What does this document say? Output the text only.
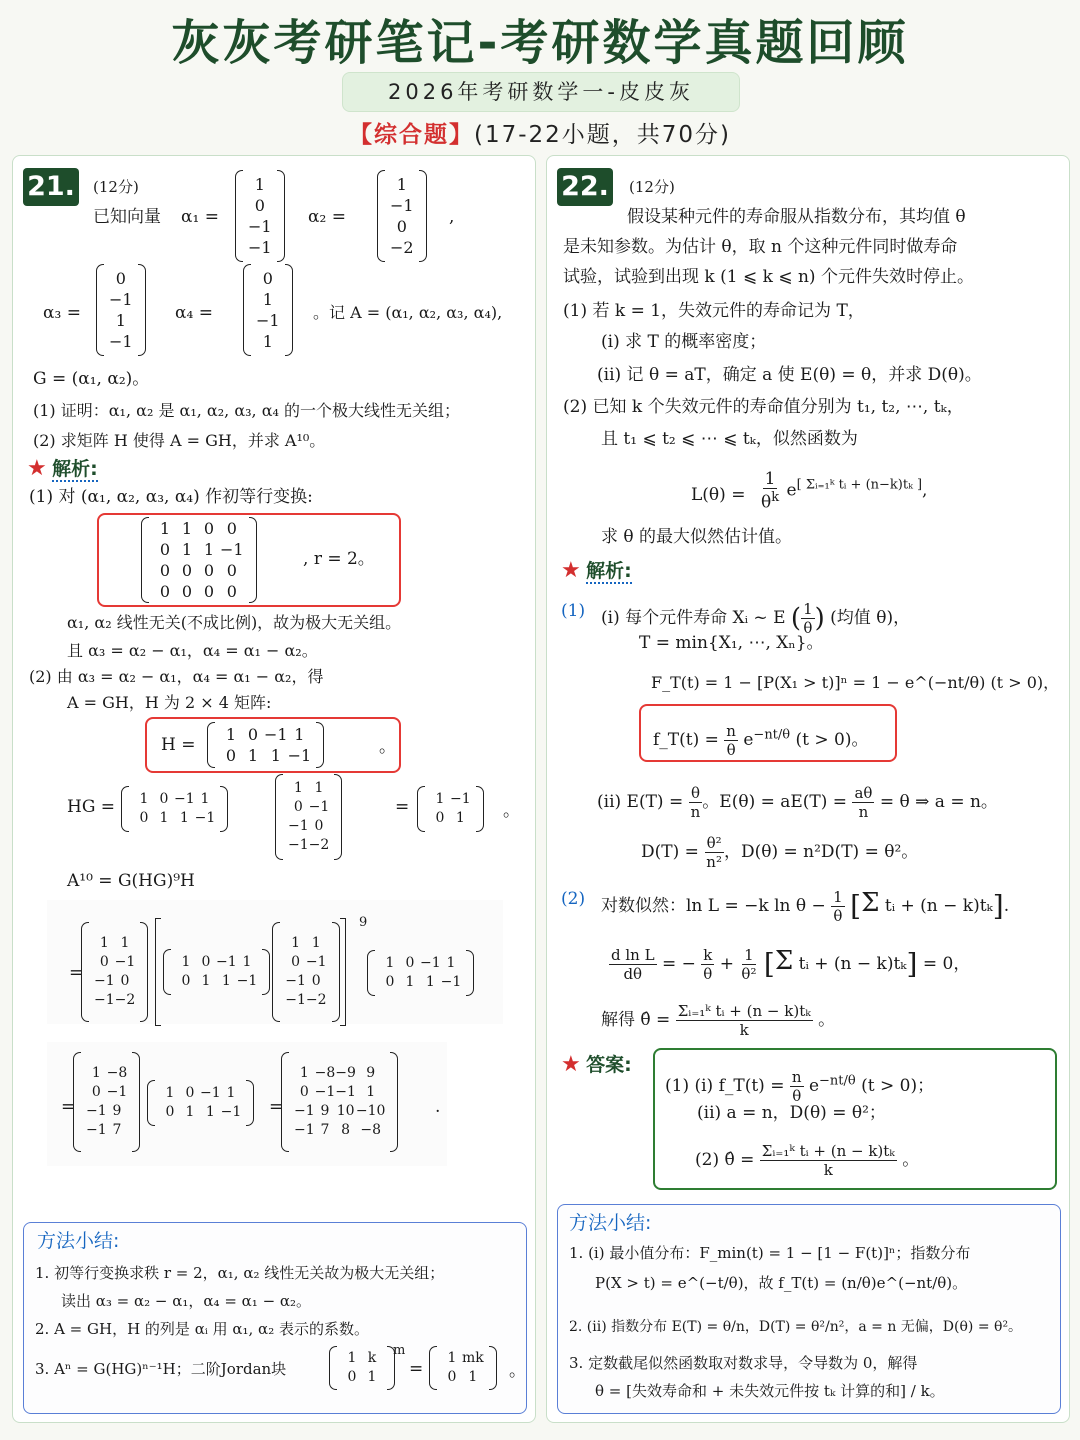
灰灰考研笔记-考研数学真题回顾
2026年考研数学一-皮皮灰
【综合题】(17-22小题，共70分)
21. (12分)
已知向量 α₁ =
1
0
−1
−1
α₂ =
1
−1
0
−2
,
α₃ =
0
−1
1
−1
α₄ =
0
1
−1
1
。记 A = (α₁, α₂, α₃, α₄),
G = (α₁, α₂)。
(1) 证明：α₁, α₂ 是 α₁, α₂, α₃, α₄ 的一个极大线性无关组；
(2) 求矩阵 H 使得 A = GH，并求 A¹⁰。
★ 解析:
(1) 对 (α₁, α₂, α₃, α₄) 作初等行变换:
1 1 0 0
0 1 1 −1
0 0 0 0
0 0 0 0
, r = 2。
α₁, α₂ 线性无关(不成比例)，故为极大无关组。
且 α₃ = α₂ − α₁，α₄ = α₁ − α₂。
(2) 由 α₃ = α₂ − α₁，α₄ = α₁ − α₂，得
A = GH，H 为 2 × 4 矩阵:
H =
1 0 −1 1
0 1 1 −1	。
HG =	1 0 −1 1
0 1 1 −1
1 1
0 −1
−1 0
−1 −2
=	1 −1
0 1	。
A¹⁰ = G(HG)⁹H
=
1 1
0 −1
−1 0
−1 −2
1 0 −1 1
0 1 1 −1
1 1
0 −1
−1 0
−1 −2
9
1 0 −1 1
0 1 1 −1
=
1 −8
0 −1
−1 9
−1 7
1 0 −1 1
0 1 1 −1 =
1 −8 −9 9
0 −1 −1 1
−1 9 10 −10
−1 7 8 −8
.
方法小结:
1. 初等行变换求秩 r = 2，α₁, α₂ 线性无关故为极大无关组；
读出 α₃ = α₂ − α₁，α₄ = α₁ − α₂。
2. A = GH，H 的列是 αᵢ 用 α₁, α₂ 表示的系数。
3. Aⁿ = G(HG)ⁿ⁻¹H；二阶Jordan块
1 k
0 1
m
=
1 mk
0 1	。
22. (12分)
假设某种元件的寿命服从指数分布，其均值 θ
是未知参数。为估计 θ，取 n 个这种元件同时做寿命
试验，试验到出现 k (1 ⩽ k ⩽ n) 个元件失效时停止。
(1) 若 k = 1，失效元件的寿命记为 T，
(i) 求 T 的概率密度；
(ii) 记 θ = aT，确定 a 使 E(θ) = θ，并求 D(θ)。
(2) 已知 k 个失效元件的寿命值分别为 t₁, t₂, ⋯, tₖ，
且 t₁ ⩽ t₂ ⩽ ⋯ ⩽ tₖ，似然函数为
$L(\theta) = \frac{1}{\theta^k} e[ \Sigma ᵢ_{=1}ᵏ tᵢ + (n-k)t_k ]$,
求 θ 的最大似然估计值。
★ 解析:
(1) (i) 每个元件寿命 Xᵢ ~ E ( $\frac{1}{\theta}$ ) (均值 θ)，
T = min{X₁, ⋯, Xₙ}。
F_T(t) = 1 − [P(X₁ > t)]ⁿ = 1 − e^(−nt/θ) (t > 0)，
f_T(t) = $\frac{n}{\theta} e^{-nt/\theta}$ (t > 0)。
(ii) $E(T) = \frac{\theta}{n}$ 。$E(\theta) = aE(T) = \frac{a\theta}{n} = \theta$ ⇒ a = n。
$D(T) = \frac{\text{θ²}}{\text{n²}}$ ，D(θ) = n²D(T) = θ²。
(2) 对数似然：ln L = −k $\ln \theta - \frac{1}{\theta} [\Sigma$ tᵢ + (n − k)tₖ].
$\frac{\text{d ln L}}{d\theta}$ = − $\frac{k}{\theta} + \frac{1}{\text{θ²}} [\Sigma$ tᵢ + (n − k)tₖ] = 0，
解得 θ̂ = $\frac{\text{Σᵢ₌₁ᵏ tᵢ + (n − k)tₖ}}{k}$ 。
★ 答案:
(1) (i) f_T(t) = $\frac{n}{\theta} e^{-nt/\theta}$ (t > 0)；
(ii) a = n，D(θ) = θ²；
(2) θ̂ = $\frac{\text{Σᵢ₌₁ᵏ tᵢ + (n − k)tₖ}}{k}$ 。
方法小结:
1. (i) 最小值分布：F_min(t) = 1 − [1 − F(t)]ⁿ；指数分布
P(X > t) = e^(−t/θ)，故 f_T(t) = (n/θ)e^(−nt/θ)。
2. (ii) 指数分布 E(T) = θ/n，D(T) = θ²/n²，a = n 无偏，D(θ) = θ²。
3. 定数截尾似然函数取对数求导，令导数为 0，解得
θ = [失效寿命和 + 未失效元件按 tₖ 计算的和] / k。
